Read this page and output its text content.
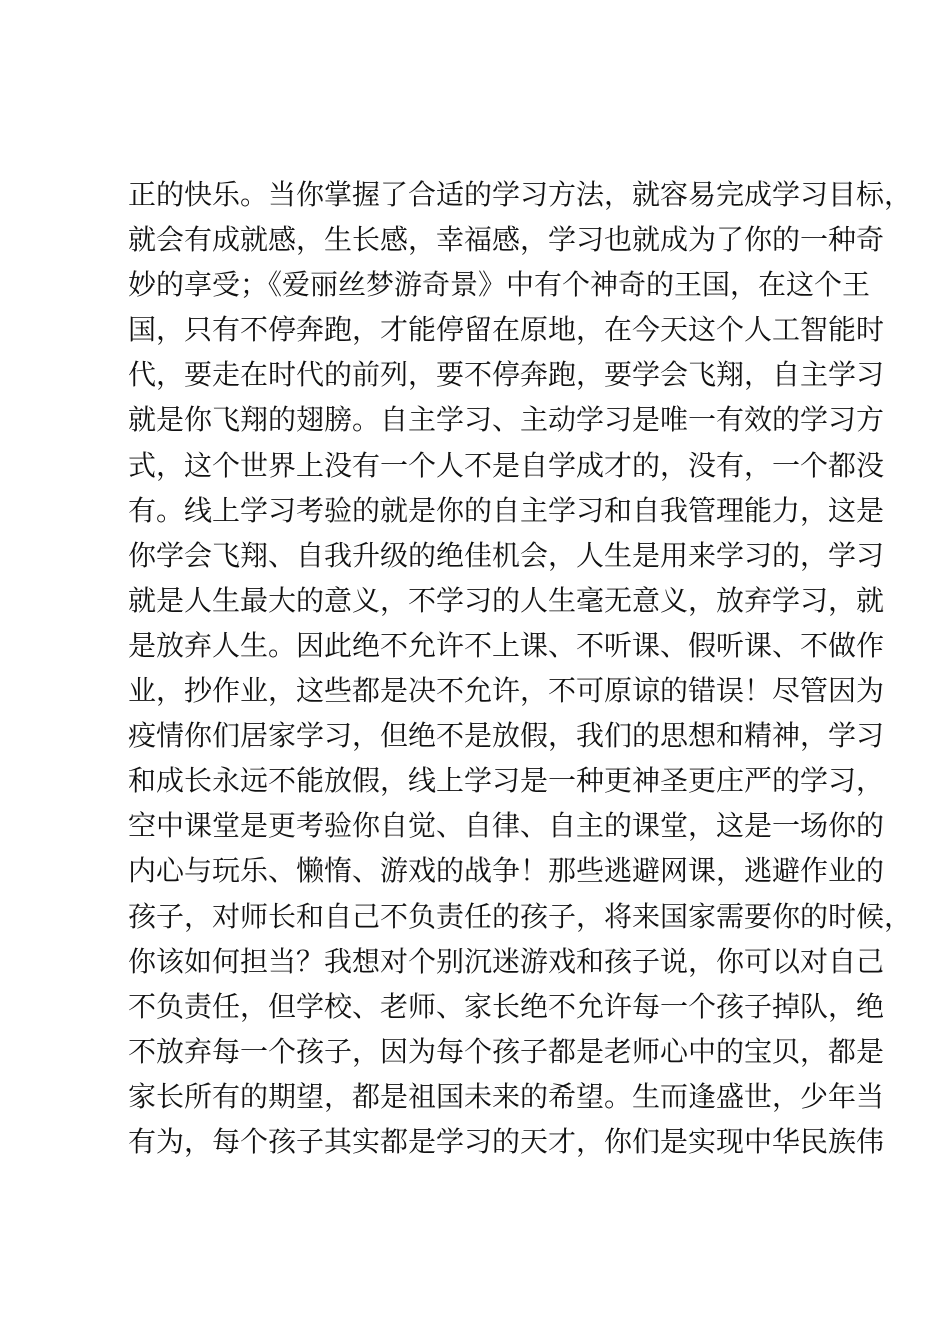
正的快乐。当你掌握了合适的学习方法，就容易完成学习目标，
就会有成就感，生长感，幸福感，学习也就成为了你的一种奇
妙的享受；《爱丽丝梦游奇景》中有个神奇的王国，在这个王
国，只有不停奔跑，才能停留在原地，在今天这个人工智能时
代，要走在时代的前列，要不停奔跑，要学会飞翔，自主学习
就是你飞翔的翅膀。自主学习、主动学习是唯一有效的学习方
式，这个世界上没有一个人不是自学成才的，没有，一个都没
有。线上学习考验的就是你的自主学习和自我管理能力，这是
你学会飞翔、自我升级的绝佳机会，人生是用来学习的，学习
就是人生最大的意义，不学习的人生毫无意义，放弃学习，就
是放弃人生。因此绝不允许不上课、不听课、假听课、不做作
业，抄作业，这些都是决不允许，不可原谅的错误！尽管因为
疫情你们居家学习，但绝不是放假，我们的思想和精神，学习
和成长永远不能放假，线上学习是一种更神圣更庄严的学习，
空中课堂是更考验你自觉、自律、自主的课堂，这是一场你的
内心与玩乐、懒惰、游戏的战争！那些逃避网课，逃避作业的
孩子，对师长和自己不负责任的孩子，将来国家需要你的时候，
你该如何担当？我想对个别沉迷游戏和孩子说，你可以对自己
不负责任，但学校、老师、家长绝不允许每一个孩子掉队，绝
不放弃每一个孩子，因为每个孩子都是老师心中的宝贝，都是
家长所有的期望，都是祖国未来的希望。生而逢盛世，少年当
有为，每个孩子其实都是学习的天才，你们是实现中华民族伟
